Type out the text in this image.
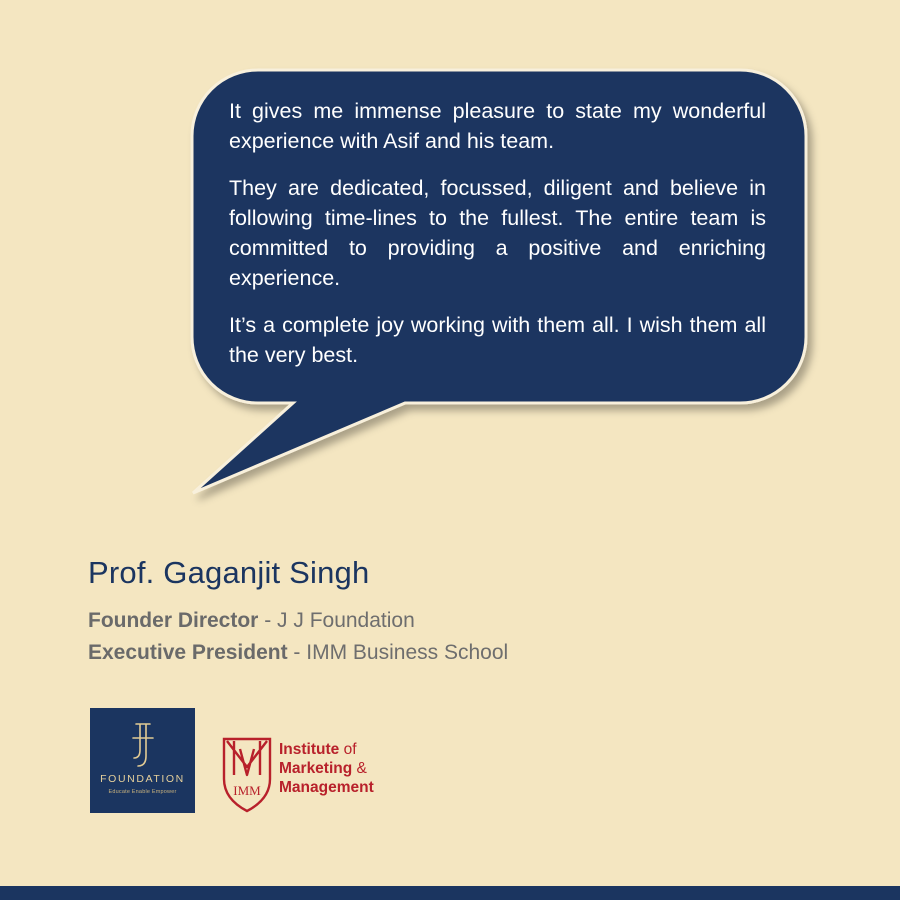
It gives me immense pleasure to state my wonderful experience with Asif and his team.

They are dedicated, focussed, diligent and believe in following time-lines to the fullest. The entire team is committed to providing a positive and enriching experience.

It’s a complete joy working with them all. I wish them all the very best.

Prof. Gaganjit Singh
Founder Director - J J Foundation
Executive President - IMM Business School
FOUNDATION
Educate Enable Empower	IMM
Institute of
Marketing &
Management
